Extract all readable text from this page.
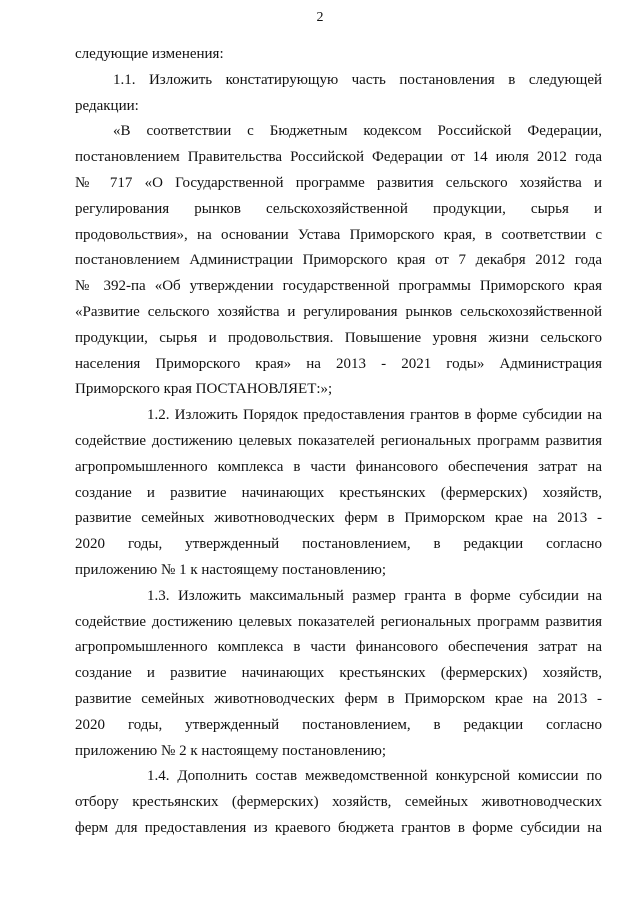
2
следующие изменения:
1.1. Изложить констатирующую часть постановления в следующей
редакции:
«В соответствии с Бюджетным кодексом Российской Федерации,
постановлением Правительства Российской Федерации от 14 июля 2012 года
№ 717 «О Государственной программе развития сельского хозяйства и
регулирования рынков сельскохозяйственной продукции, сырья и
продовольствия», на основании Устава Приморского края, в соответствии с
постановлением Администрации Приморского края от 7 декабря 2012 года
№ 392-па «Об утверждении государственной программы Приморского края
«Развитие сельского хозяйства и регулирования рынков сельскохозяйственной
продукции, сырья и продовольствия. Повышение уровня жизни сельского
населения Приморского края» на 2013 - 2021 годы» Администрация
Приморского края ПОСТАНОВЛЯЕТ:»;
1.2. Изложить Порядок предоставления грантов в форме субсидии на
содействие достижению целевых показателей региональных программ развития
агропромышленного комплекса в части финансового обеспечения затрат на
создание и развитие начинающих крестьянских (фермерских) хозяйств,
развитие семейных животноводческих ферм в Приморском крае на 2013 -
2020 годы, утвержденный постановлением, в редакции согласно
приложению № 1 к настоящему постановлению;
1.3. Изложить максимальный размер гранта в форме субсидии на
содействие достижению целевых показателей региональных программ развития
агропромышленного комплекса в части финансового обеспечения затрат на
создание и развитие начинающих крестьянских (фермерских) хозяйств,
развитие семейных животноводческих ферм в Приморском крае на 2013 -
2020 годы, утвержденный постановлением, в редакции согласно
приложению № 2 к настоящему постановлению;
1.4. Дополнить состав межведомственной конкурсной комиссии по
отбору крестьянских (фермерских) хозяйств, семейных животноводческих
ферм для предоставления из краевого бюджета грантов в форме субсидии на
